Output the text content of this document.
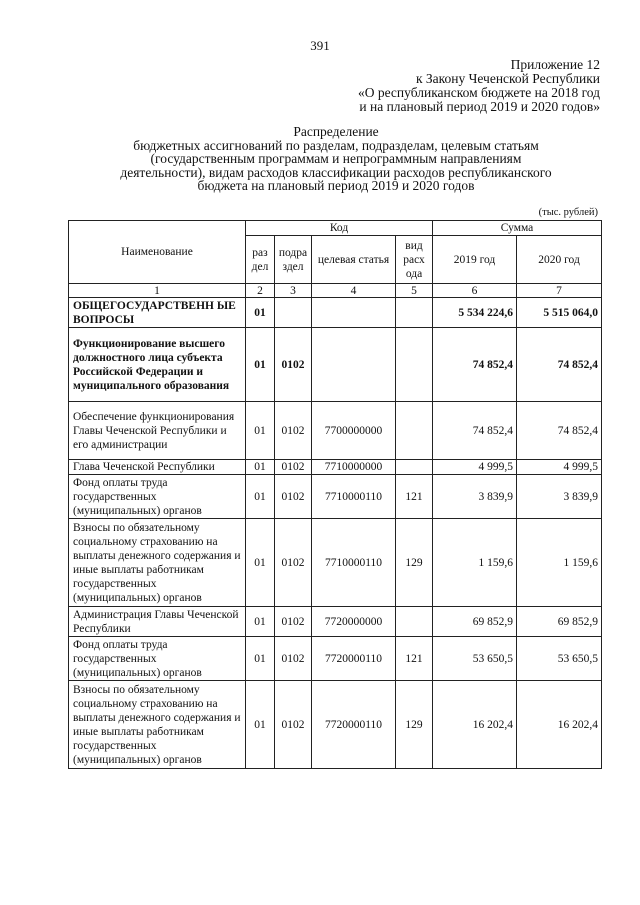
391
Приложение 12
к Закону Чеченской Республики
«О республиканском бюджете на 2018 год
и на плановый период 2019 и 2020 годов»
Распределение
бюджетных ассигнований по разделам, подразделам, целевым статьям
(государственным программам и непрограммным направлениям
деятельности), видам расходов классификации расходов республиканского
бюджета на плановый период 2019 и 2020 годов
(тыс. рублей)
Наименование	Код				Сумма	
	раз дел	подра здел	целевая статья	вид расх ода	2019 год	2020 год
1	2	3	4	5	6	7
ОБЩЕГОСУДАРСТВЕНН ЫЕ ВОПРОСЫ	01				5 534 224,6	5 515 064,0
Функционирование высшего должностного лица субъекта Российской Федерации и муниципального образования	01	0102			74 852,4	74 852,4
Обеспечение функционирования Главы Чеченской Республики и его администрации	01	0102	7700000000		74 852,4	74 852,4
Глава Чеченской Республики	01	0102	7710000000		4 999,5	4 999,5
Фонд оплаты труда государственных (муниципальных) органов	01	0102	7710000110	121	3 839,9	3 839,9
Взносы по обязательному социальному страхованию на выплаты денежного содержания и иные выплаты работникам государственных (муниципальных) органов	01	0102	7710000110	129	1 159,6	1 159,6
Администрация Главы Чеченской Республики	01	0102	7720000000		69 852,9	69 852,9
Фонд оплаты труда государственных (муниципальных) органов	01	0102	7720000110	121	53 650,5	53 650,5
Взносы по обязательному социальному страхованию на выплаты денежного содержания и иные выплаты работникам государственных (муниципальных) органов	01	0102	7720000110	129	16 202,4	16 202,4
